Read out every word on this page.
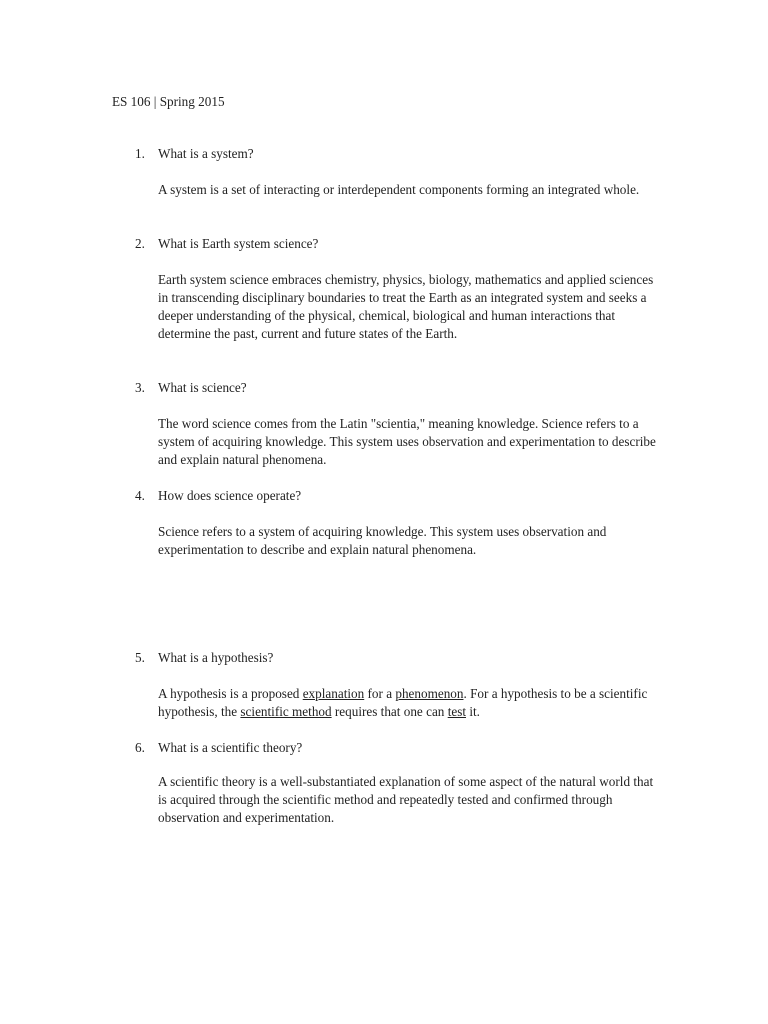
ES 106 | Spring 2015
1. What is a system?
A system is a set of interacting or interdependent components forming an integrated whole.
2. What is Earth system science?
Earth system science embraces chemistry, physics, biology, mathematics and applied sciences in transcending disciplinary boundaries to treat the Earth as an integrated system and seeks a deeper understanding of the physical, chemical, biological and human interactions that determine the past, current and future states of the Earth.
3. What is science?
The word science comes from the Latin "scientia," meaning knowledge. Science refers to a system of acquiring knowledge. This system uses observation and experimentation to describe and explain natural phenomena.
4. How does science operate?
Science refers to a system of acquiring knowledge. This system uses observation and experimentation to describe and explain natural phenomena.
5. What is a hypothesis?
A hypothesis is a proposed explanation for a phenomenon. For a hypothesis to be a scientific hypothesis, the scientific method requires that one can test it.
6. What is a scientific theory?
A scientific theory is a well-substantiated explanation of some aspect of the natural world that is acquired through the scientific method and repeatedly tested and confirmed through observation and experimentation.
